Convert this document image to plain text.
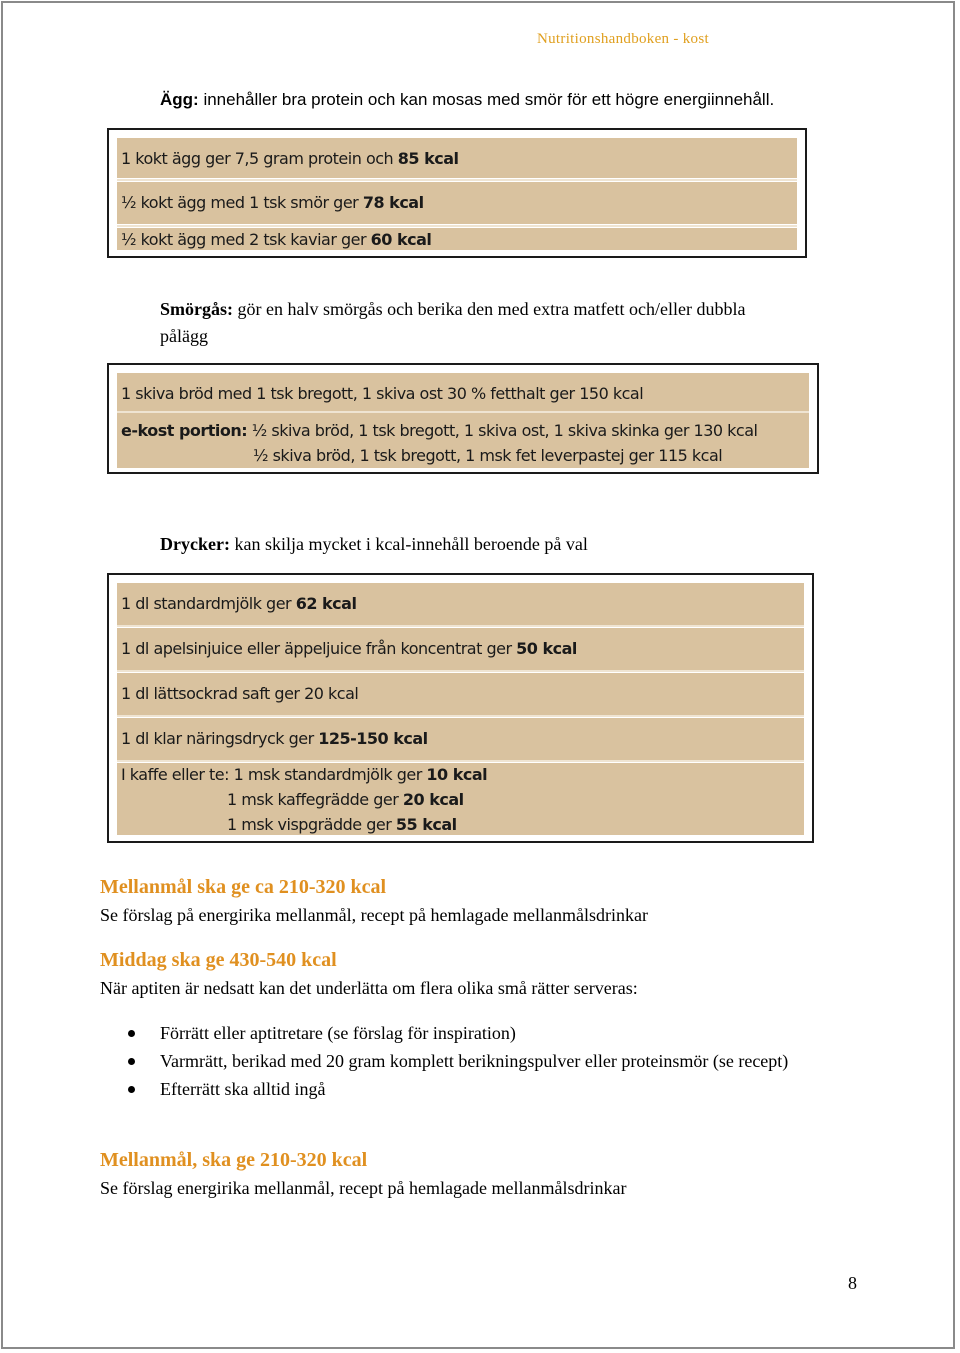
Nutritionshandboken - kost
Ägg: innehåller bra protein och kan mosas med smör för ett högre energiinnehåll.
1 kokt ägg ger 7,5 gram protein och 85 kcal
½ kokt ägg med 1 tsk smör ger 78 kcal
½ kokt ägg med 2 tsk kaviar ger 60 kcal
Smörgås: gör en halv smörgås och berika den med extra matfett och/eller dubbla
pålägg
1 skiva bröd med 1 tsk bregott, 1 skiva ost 30 % fetthalt ger 150 kcal
e-kost portion: ½ skiva bröd, 1 tsk bregott, 1 skiva ost, 1 skiva skinka ger 130 kcal
½ skiva bröd, 1 tsk bregott, 1 msk fet leverpastej ger 115 kcal
Drycker: kan skilja mycket i kcal-innehåll beroende på val
1 dl standardmjölk ger 62 kcal
1 dl apelsinjuice eller äppeljuice från koncentrat ger 50 kcal
1 dl lättsockrad saft ger 20 kcal
1 dl klar näringsdryck ger 125-150 kcal
I kaffe eller te: 1 msk standardmjölk ger 10 kcal
1 msk kaffegrädde ger 20 kcal
1 msk vispgrädde ger 55 kcal
Mellanmål ska ge ca 210-320 kcal
Se förslag på energirika mellanmål, recept på hemlagade mellanmålsdrinkar
Middag ska ge 430-540 kcal
När aptiten är nedsatt kan det underlätta om flera olika små rätter serveras:
Förrätt eller aptitretare (se förslag för inspiration)
Varmrätt, berikad med 20 gram komplett berikningspulver eller proteinsmör (se recept)
Efterrätt ska alltid ingå
Mellanmål, ska ge 210-320 kcal
Se förslag energirika mellanmål, recept på hemlagade mellanmålsdrinkar
8
